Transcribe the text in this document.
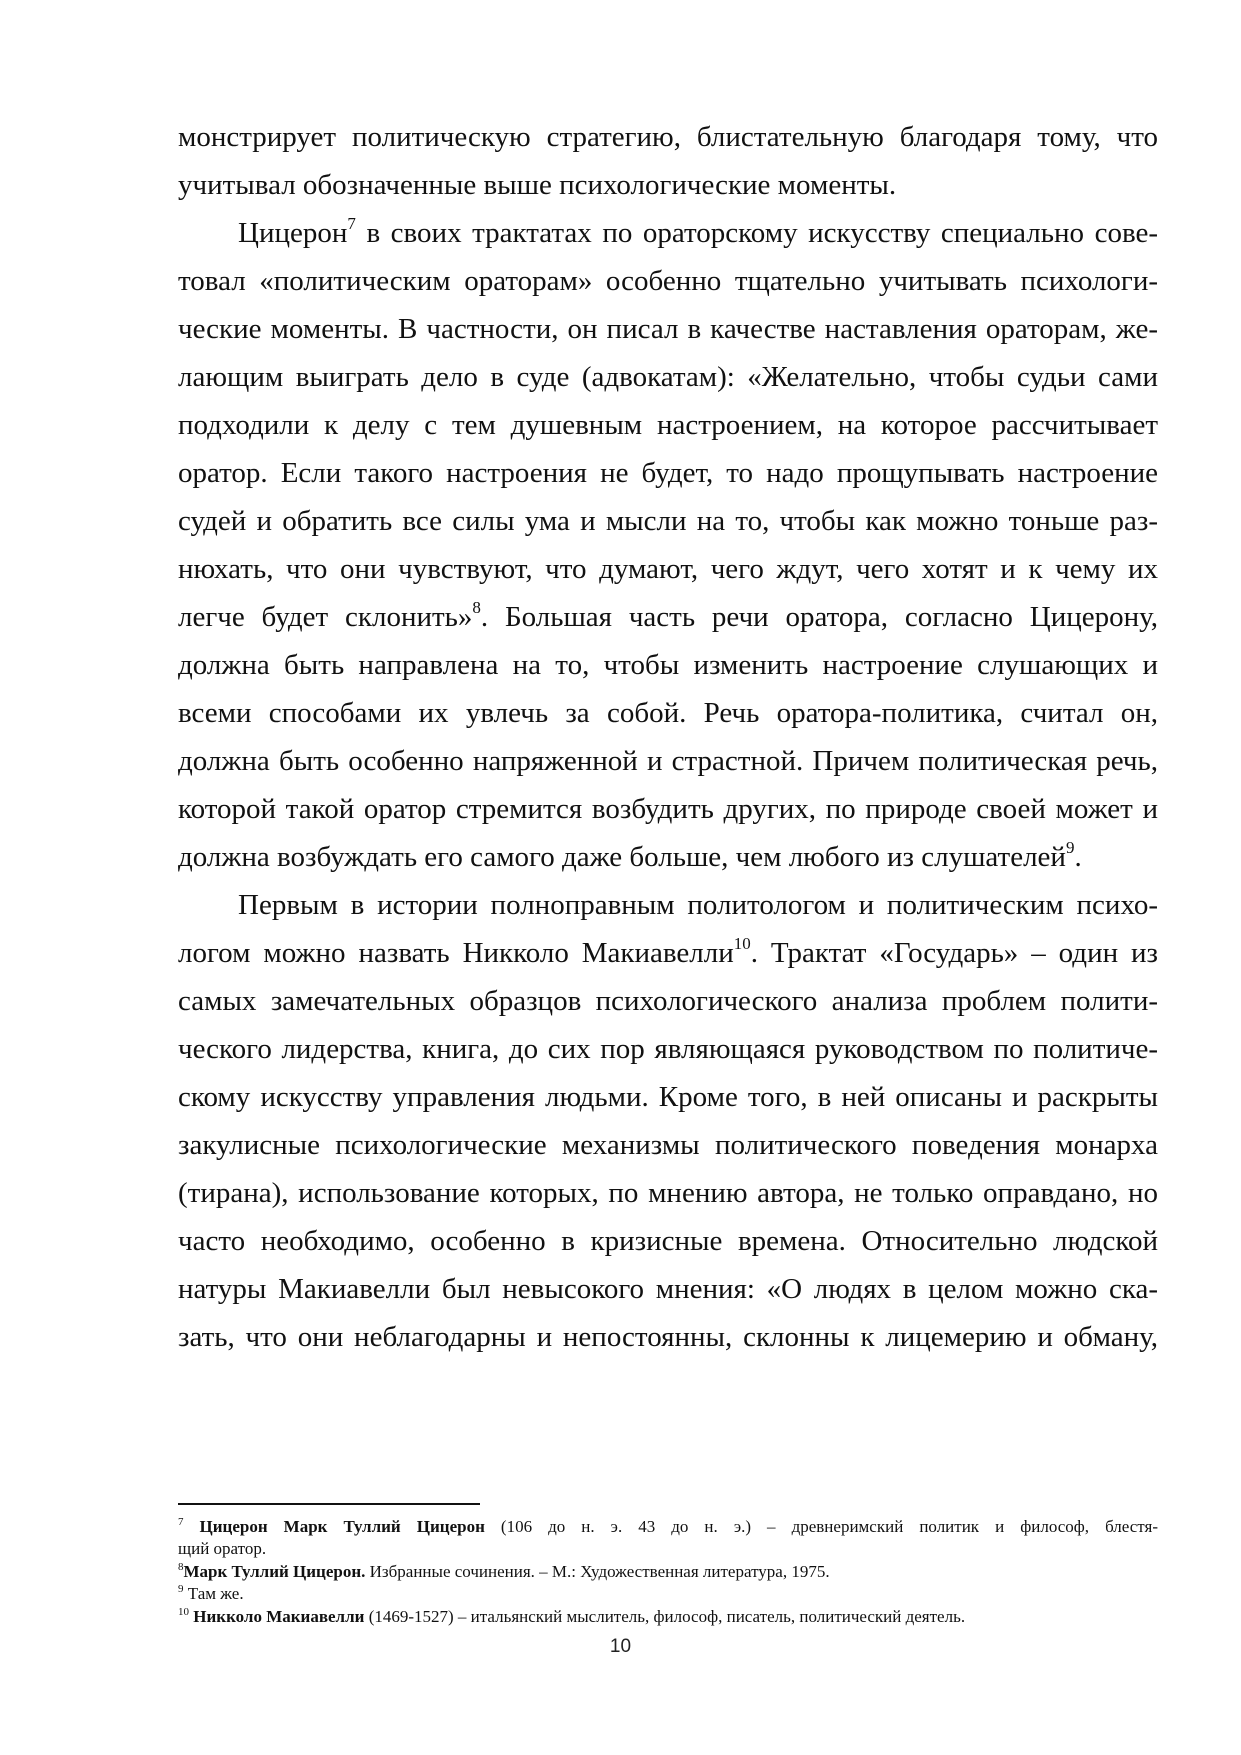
монстрирует политическую стратегию, блистательную благодаря тому, что
учитывал обозначенные выше психологические моменты.
Цицерон$^7$ в своих трактатах по ораторскому искусству специально сове-
товал «политическим ораторам» особенно тщательно учитывать психологи-
ческие моменты. В частности, он писал в качестве наставления ораторам, же-
лающим выиграть дело в суде (адвокатам): «Желательно, чтобы судьи сами
подходили к делу с тем душевным настроением, на которое рассчитывает
оратор. Если такого настроения не будет, то надо прощупывать настроение
судей и обратить все силы ума и мысли на то, чтобы как можно тоньше раз-
нюхать, что они чувствуют, что думают, чего ждут, чего хотят и к чему их
легче будет склонить»$^8$. Большая часть речи оратора, согласно Цицерону,
должна быть направлена на то, чтобы изменить настроение слушающих и
всеми способами их увлечь за собой. Речь оратора-политика, считал он,
должна быть особенно напряженной и страстной. Причем политическая речь,
которой такой оратор стремится возбудить других, по природе своей может и
должна возбуждать его самого даже больше, чем любого из слушателей$^9$.
Первым в истории полноправным политологом и политическим психо-
логом можно назвать Никколо Макиавелли$^{10}$. Трактат «Государь» – один из
самых замечательных образцов психологического анализа проблем полити-
ческого лидерства, книга, до сих пор являющаяся руководством по политиче-
скому искусству управления людьми. Кроме того, в ней описаны и раскрыты
закулисные психологические механизмы политического поведения монарха
(тирана), использование которых, по мнению автора, не только оправдано, но
часто необходимо, особенно в кризисные времена. Относительно людской
натуры Макиавелли был невысокого мнения: «О людях в целом можно ска-
зать, что они неблагодарны и непостоянны, склонны к лицемерию и обману,
$^7$ Цицерон Марк Туллий Цицерон (106 до н. э. 43 до н. э.) – древнеримский политик и философ, блестя-
щий оратор.
$^8$Марк Туллий Цицерон. Избранные сочинения. – М.: Художественная литература, 1975.
$^9$ Там же.
$^{10}$ Никколо Макиавелли (1469-1527) – итальянский мыслитель, философ, писатель, политический деятель.
10
